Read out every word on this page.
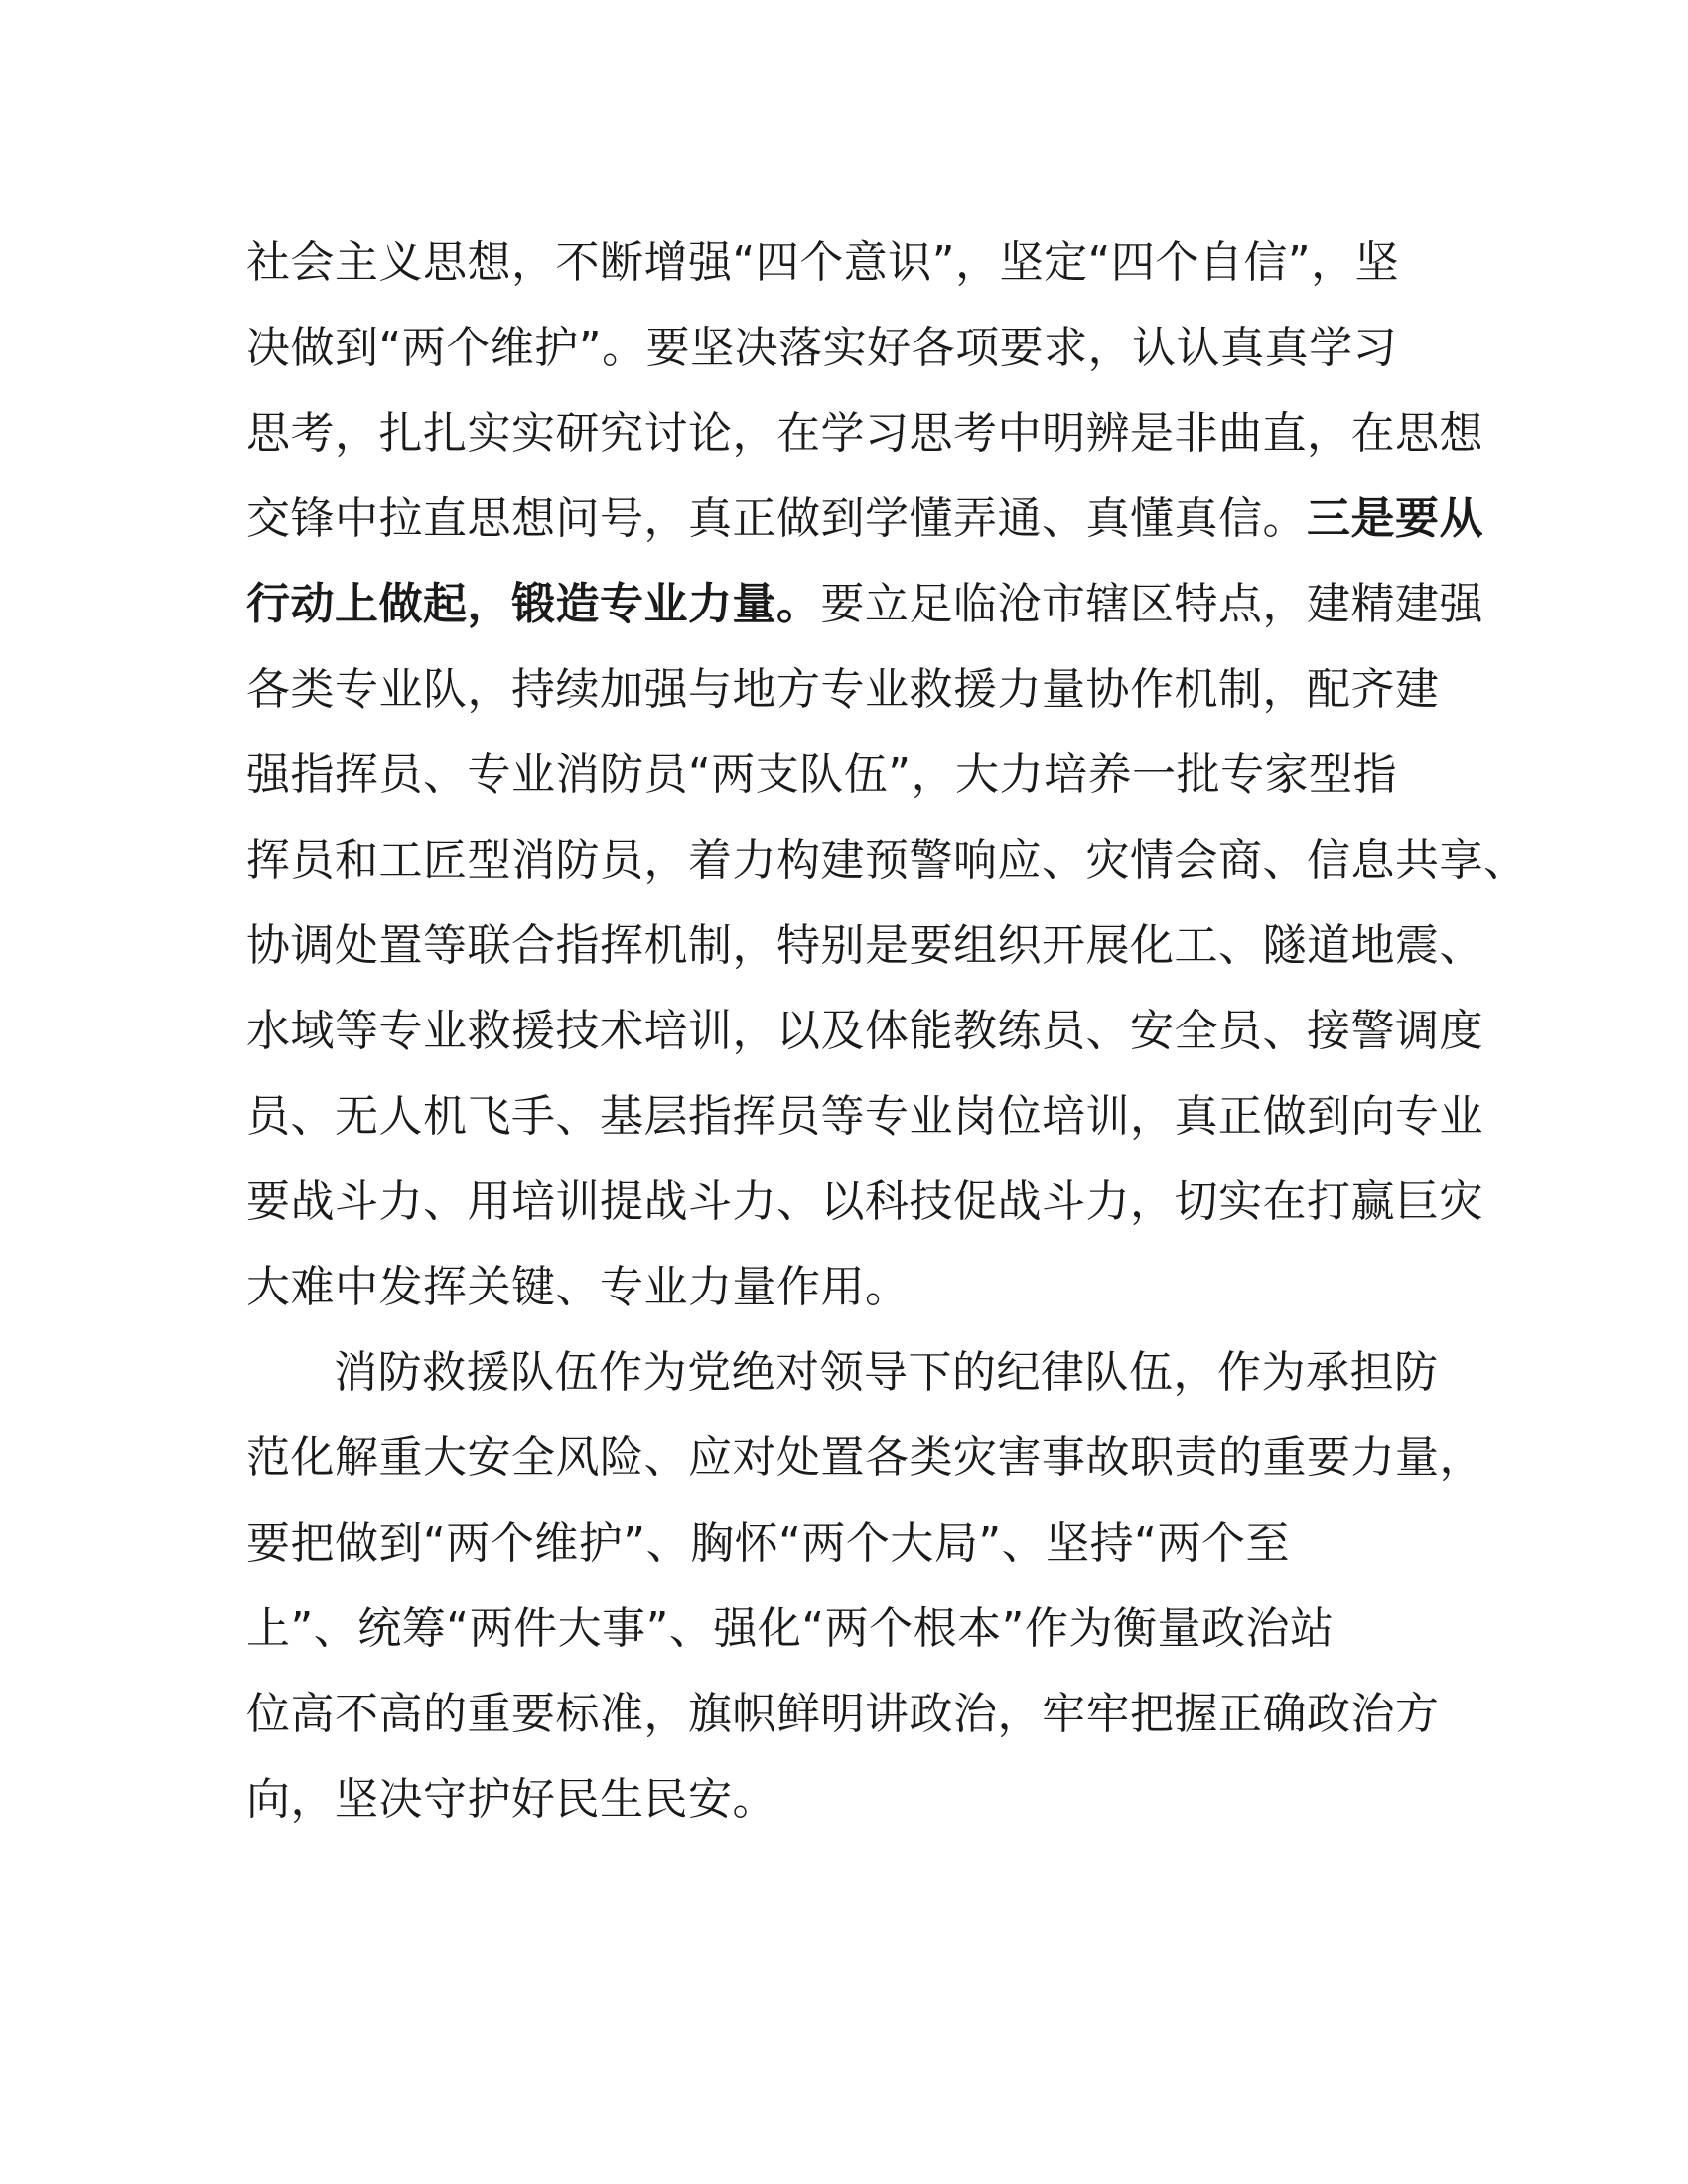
社会主义思想，不断增强“四个意识”，坚定“四个自信”，坚
决做到“两个维护”。要坚决落实好各项要求，认认真真学习
思考，扎扎实实研究讨论，在学习思考中明辨是非曲直，在思想
交锋中拉直思想问号，真正做到学懂弄通、真懂真信。三是要从
行动上做起，锻造专业力量。要立足临沧市辖区特点，建精建强
各类专业队，持续加强与地方专业救援力量协作机制，配齐建
强指挥员、专业消防员“两支队伍”，大力培养一批专家型指
挥员和工匠型消防员，着力构建预警响应、灾情会商、信息共享、
协调处置等联合指挥机制，特别是要组织开展化工、隧道地震、
水域等专业救援技术培训，以及体能教练员、安全员、接警调度
员、无人机飞手、基层指挥员等专业岗位培训，真正做到向专业
要战斗力、用培训提战斗力、以科技促战斗力，切实在打赢巨灾
大难中发挥关键、专业力量作用。
消防救援队伍作为党绝对领导下的纪律队伍，作为承担防
范化解重大安全风险、应对处置各类灾害事故职责的重要力量，
要把做到“两个维护”、胸怀“两个大局”、坚持“两个至
上”、统筹“两件大事”、强化“两个根本”作为衡量政治站
位高不高的重要标准，旗帜鲜明讲政治，牢牢把握正确政治方
向，坚决守护好民生民安。
